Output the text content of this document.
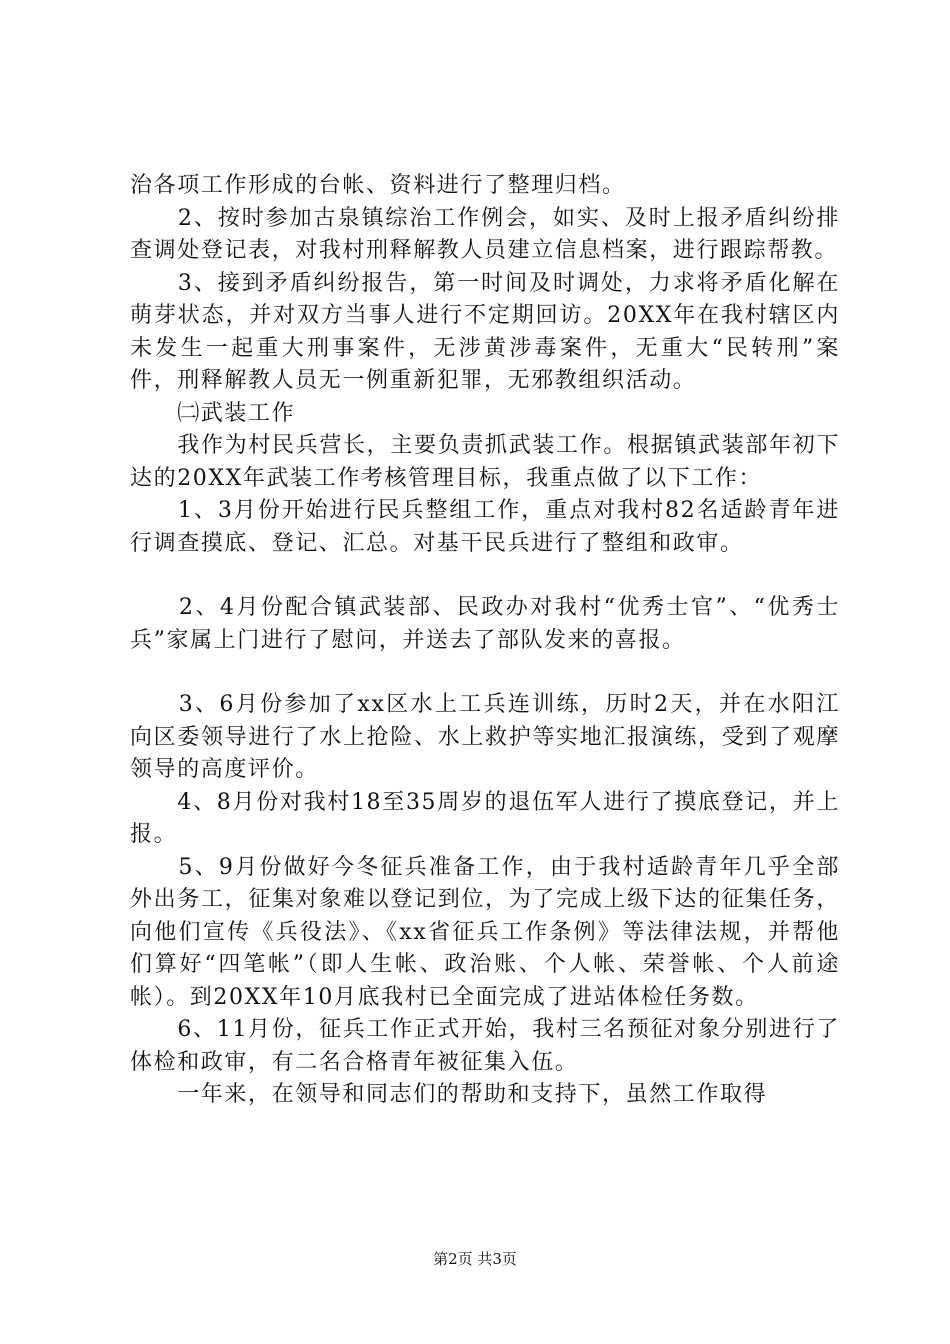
治各项工作形成的台帐、资料进行了整理归档。

　　2、按时参加古泉镇综治工作例会，如实、及时上报矛盾纠纷排查调处登记表，对我村刑释解教人员建立信息档案，进行跟踪帮教。

　　3、接到矛盾纠纷报告，第一时间及时调处，力求将矛盾化解在萌芽状态，并对双方当事人进行不定期回访。20XX年在我村辖区内未发生一起重大刑事案件，无涉黄涉毒案件，无重大“民转刑”案件，刑释解教人员无一例重新犯罪，无邪教组织活动。

　　㈡武装工作

　　我作为村民兵营长，主要负责抓武装工作。根据镇武装部年初下达的20XX年武装工作考核管理目标，我重点做了以下工作：

　　1、3月份开始进行民兵整组工作，重点对我村82名适龄青年进行调查摸底、登记、汇总。对基干民兵进行了整组和政审。

　　2、4月份配合镇武装部、民政办对我村“优秀士官”、“优秀士兵”家属上门进行了慰问，并送去了部队发来的喜报。

　　3、6月份参加了xx区水上工兵连训练，历时2天，并在水阳江向区委领导进行了水上抢险、水上救护等实地汇报演练，受到了观摩领导的高度评价。

　　4、8月份对我村18至35周岁的退伍军人进行了摸底登记，并上报。

　　5、9月份做好今冬征兵准备工作，由于我村适龄青年几乎全部外出务工，征集对象难以登记到位，为了完成上级下达的征集任务，向他们宣传《兵役法》、《xx省征兵工作条例》等法律法规，并帮他们算好“四笔帐”（即人生帐、政治账、个人帐、荣誉帐、个人前途帐）。到20XX年10月底我村已全面完成了进站体检任务数。

　　6、11月份，征兵工作正式开始，我村三名预征对象分别进行了体检和政审，有二名合格青年被征集入伍。

　　一年来，在领导和同志们的帮助和支持下，虽然工作取得

第2页 共3页
